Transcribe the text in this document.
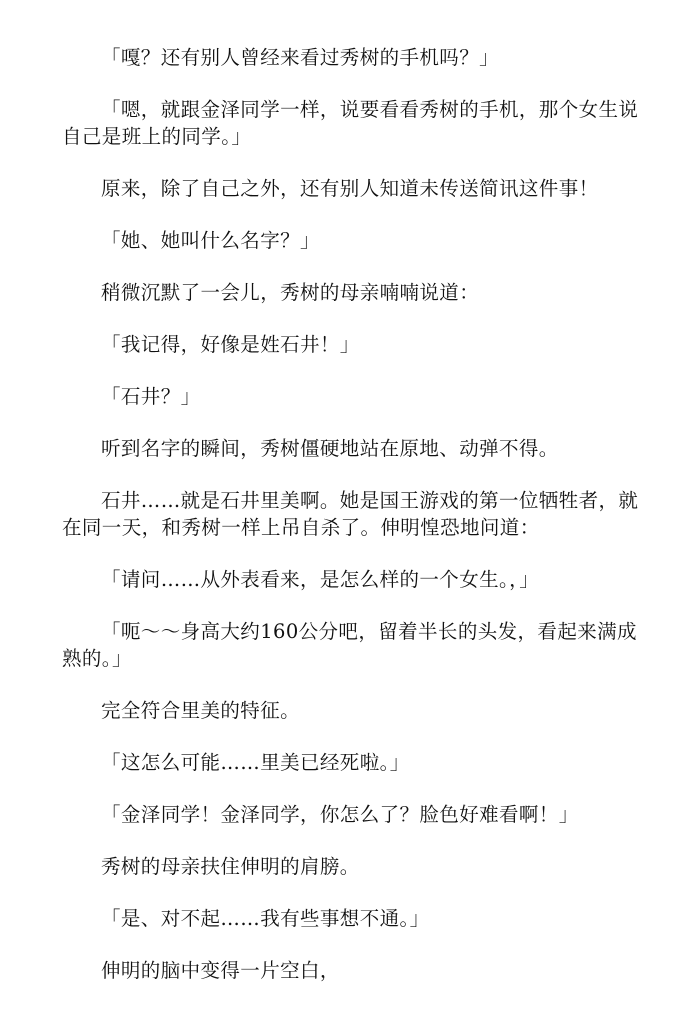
「嘎？还有别人曾经来看过秀树的手机吗？」

「嗯，就跟金泽同学一样，说要看看秀树的手机，那个女生说自己是班上的同学。」

原来，除了自己之外，还有别人知道未传送简讯这件事！

「她、她叫什么名字？」

稍微沉默了一会儿，秀树的母亲喃喃说道：

「我记得，好像是姓石井！」

「石井？」

听到名字的瞬间，秀树僵硬地站在原地、动弹不得。

石井……就是石井里美啊。她是国王游戏的第一位牺牲者，就在同一天，和秀树一样上吊自杀了。伸明惶恐地问道：

「请问……从外表看来，是怎么样的一个女生。，」

「呃～～身高大约160公分吧，留着半长的头发，看起来满成熟的。」

完全符合里美的特征。

「这怎么可能……里美已经死啦。」

「金泽同学！金泽同学，你怎么了？脸色好难看啊！」

秀树的母亲扶住伸明的肩膀。

「是、对不起……我有些事想不通。」

伸明的脑中变得一片空白，
